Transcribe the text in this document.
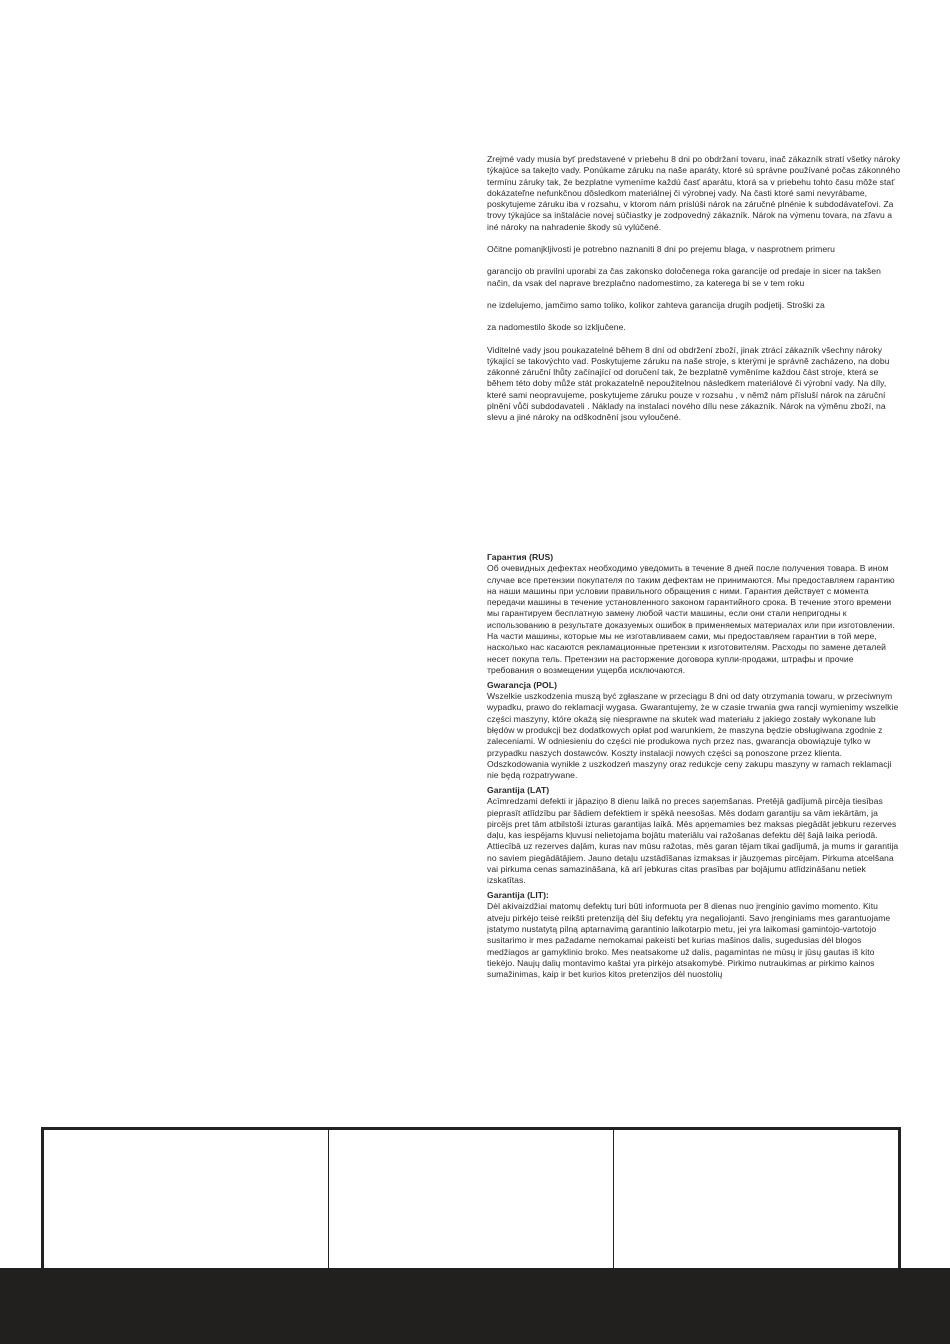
Zrejmé vady musia byť predstavené v priebehu 8 dni po obdržaní tovaru, inač zákazník stratí všetky nároky týkajúce sa takejto vady. Ponúkame záruku na naše aparáty, ktoré sú správne používané počas zákonného termínu záruky tak, že bezplatne vymeníme každú časť aparátu, ktorá sa v priebehu tohto času môže stať dokázateľne nefunkčnou dôsledkom materiálnej či výrobnej vady. Na časti ktoré sami nevyrábame, poskytujeme záruku iba v rozsahu, v ktorom nám prislúši nárok na záručné plnénie k subdodávateľovi. Za trovy týkajúce sa inštalácie novej súčiastky je zodpovedný zákazník. Nárok na výmenu tovara, na zľavu a iné nároky na nahradenie škody sú vylúčené.

Očitne pomanjkljivosti je potrebno naznaniti 8 dni po prejemu blaga, v nasprotnem primeru

garancijo ob pravilni uporabi za čas zakonsko določenega roka garancije od predaje in sicer na takšen način, da vsak del naprave brezplačno nadomestimo, za katerega bi se v tem roku

ne izdelujemo, jamčimo samo toliko, kolikor zahteva garancija drugih podjetij. Stroški za

za nadomestilo škode so izključene.

Viditelné vady jsou poukazatelné během 8 dní od obdržení zboží, jinak ztrácí zákazník všechny nároky týkající se takovýchto vad. Poskytujeme záruku na naše stroje, s kterými je správně zacházeno, na dobu zákonné záruční lhůty začínající od doručení tak, že bezplatně vyměníme každou část stroje, která se během této doby může stát prokazatelně nepoužitelnou následkem materiálové či výrobní vady. Na díly, které sami neopravujeme, poskytujeme záruku pouze v rozsahu , v němž nám přísluší nárok na záruční plnění vůči subdodavateli . Náklady na instalaci nového dílu nese zákazník. Nárok na výměnu zboží, na slevu a jiné nároky na odškodnění jsou vyloučené.

Гарантия (RUS)
Об очевидных дефектах необходимо уведомить в течение 8 дней после получения товара. В ином случае все претензии покупателя по таким дефектам не принимаются. Мы предоставляем гарантию на наши машины при условии правильного обращения с ними. Гарантия действует с момента передачи машины в течение установленного законом гарантийного срока. В течение этого времени мы гарантируем бесплатную замену любой части машины, если они стали непригодны к использованию в результате доказуемых ошибок в применяемых материалах или при изготовлении. На части машины, которые мы не изготавливаем сами, мы предоставляем гарантии в той мере, насколько нас касаются рекламационные претензии к изготовителям. Расходы по замене деталей несет покупа тель. Претензии на расторжение договора купли-продажи, штрафы и прочие требования о возмещении ущерба исключаются.
Gwarancja (POL)
Wszelkie uszkodzenia muszą być zgłaszane w przeciągu 8 dni od daty otrzymania towaru, w przeciwnym wypadku, prawo do reklamacji wygasa. Gwarantujemy, że w czasie trwania gwa rancji wymienimy wszelkie części maszyny, które okażą się niesprawne na skutek wad materiału z jakiego zostały wykonane lub błędów w produkcji bez dodatkowych opłat pod warunkiem, że maszyna będzie obsługiwana zgodnie z zaleceniami. W odniesieniu do części nie produkowa nych przez nas, gwarancja obowiązuje tylko w przypadku naszych dostawców. Koszty instalacji nowych części są ponoszone przez klienta. Odszkodowania wynikłe z uszkodzeń maszyny oraz redukcje ceny zakupu maszyny w ramach reklamacji nie będą rozpatrywane.
Garantija (LAT)
Acīmredzami defekti ir jāpaziņo 8 dienu laikā no preces saņemšanas. Pretējā gadījumā pircēja tiesības pieprasīt atlīdzību par šādiem defektiem ir spēkā neesošas. Mēs dodam garantiju sa vām iekārtām, ja pircējs pret tām atbilstoši izturas garantijas laikā. Mēs apņemamies bez maksas piegādāt jebkuru rezerves daļu, kas iespējams kļuvusi nelietojama bojātu materiālu vai ražošanas defektu dēļ šajā laika periodā. Attiecībā uz rezerves daļām, kuras nav mūsu ražotas, mēs garan tējam tikai gadījumā, ja mums ir garantija no saviem piegādātājiem. Jauno detaļu uzstādīšanas izmaksas ir jāuzņemas pircējam. Pirkuma atcelšana vai pirkuma cenas samazināšana, kā arī jebkuras citas prasības par bojājumu atlīdzināšanu netiek izskatītas.
Garantija (LIT):
Dėl akivaizdžiai matomų defektų turi būti informuota per 8 dienas nuo įrenginio gavimo momento. Kitu atveju pirkėjo teisė reikšti pretenziją dėl šių defektų yra negaliojanti. Savo įrenginiams mes garantuojame įstatymo nustatytą pilną aptarnavimą garantinio laikotarpio metu, jei yra laikomasi gamintojo-vartotojo susitarimo ir mes pažadame nemokamai pakeisti bet kurias mašinos dalis, sugedusias dėl blogos medžiagos ar gamyklinio broko. Mes neatsakome už dalis, pagamintas ne mūsų ir jūsų gautas iš kito tiekėjo. Naujų dalių montavimo kaštai yra pirkėjo atsakomybė. Pirkimo nutraukimas ar pirkimo kainos sumažinimas, kaip ir bet kurios kitos pretenzijos dėl nuostolių
